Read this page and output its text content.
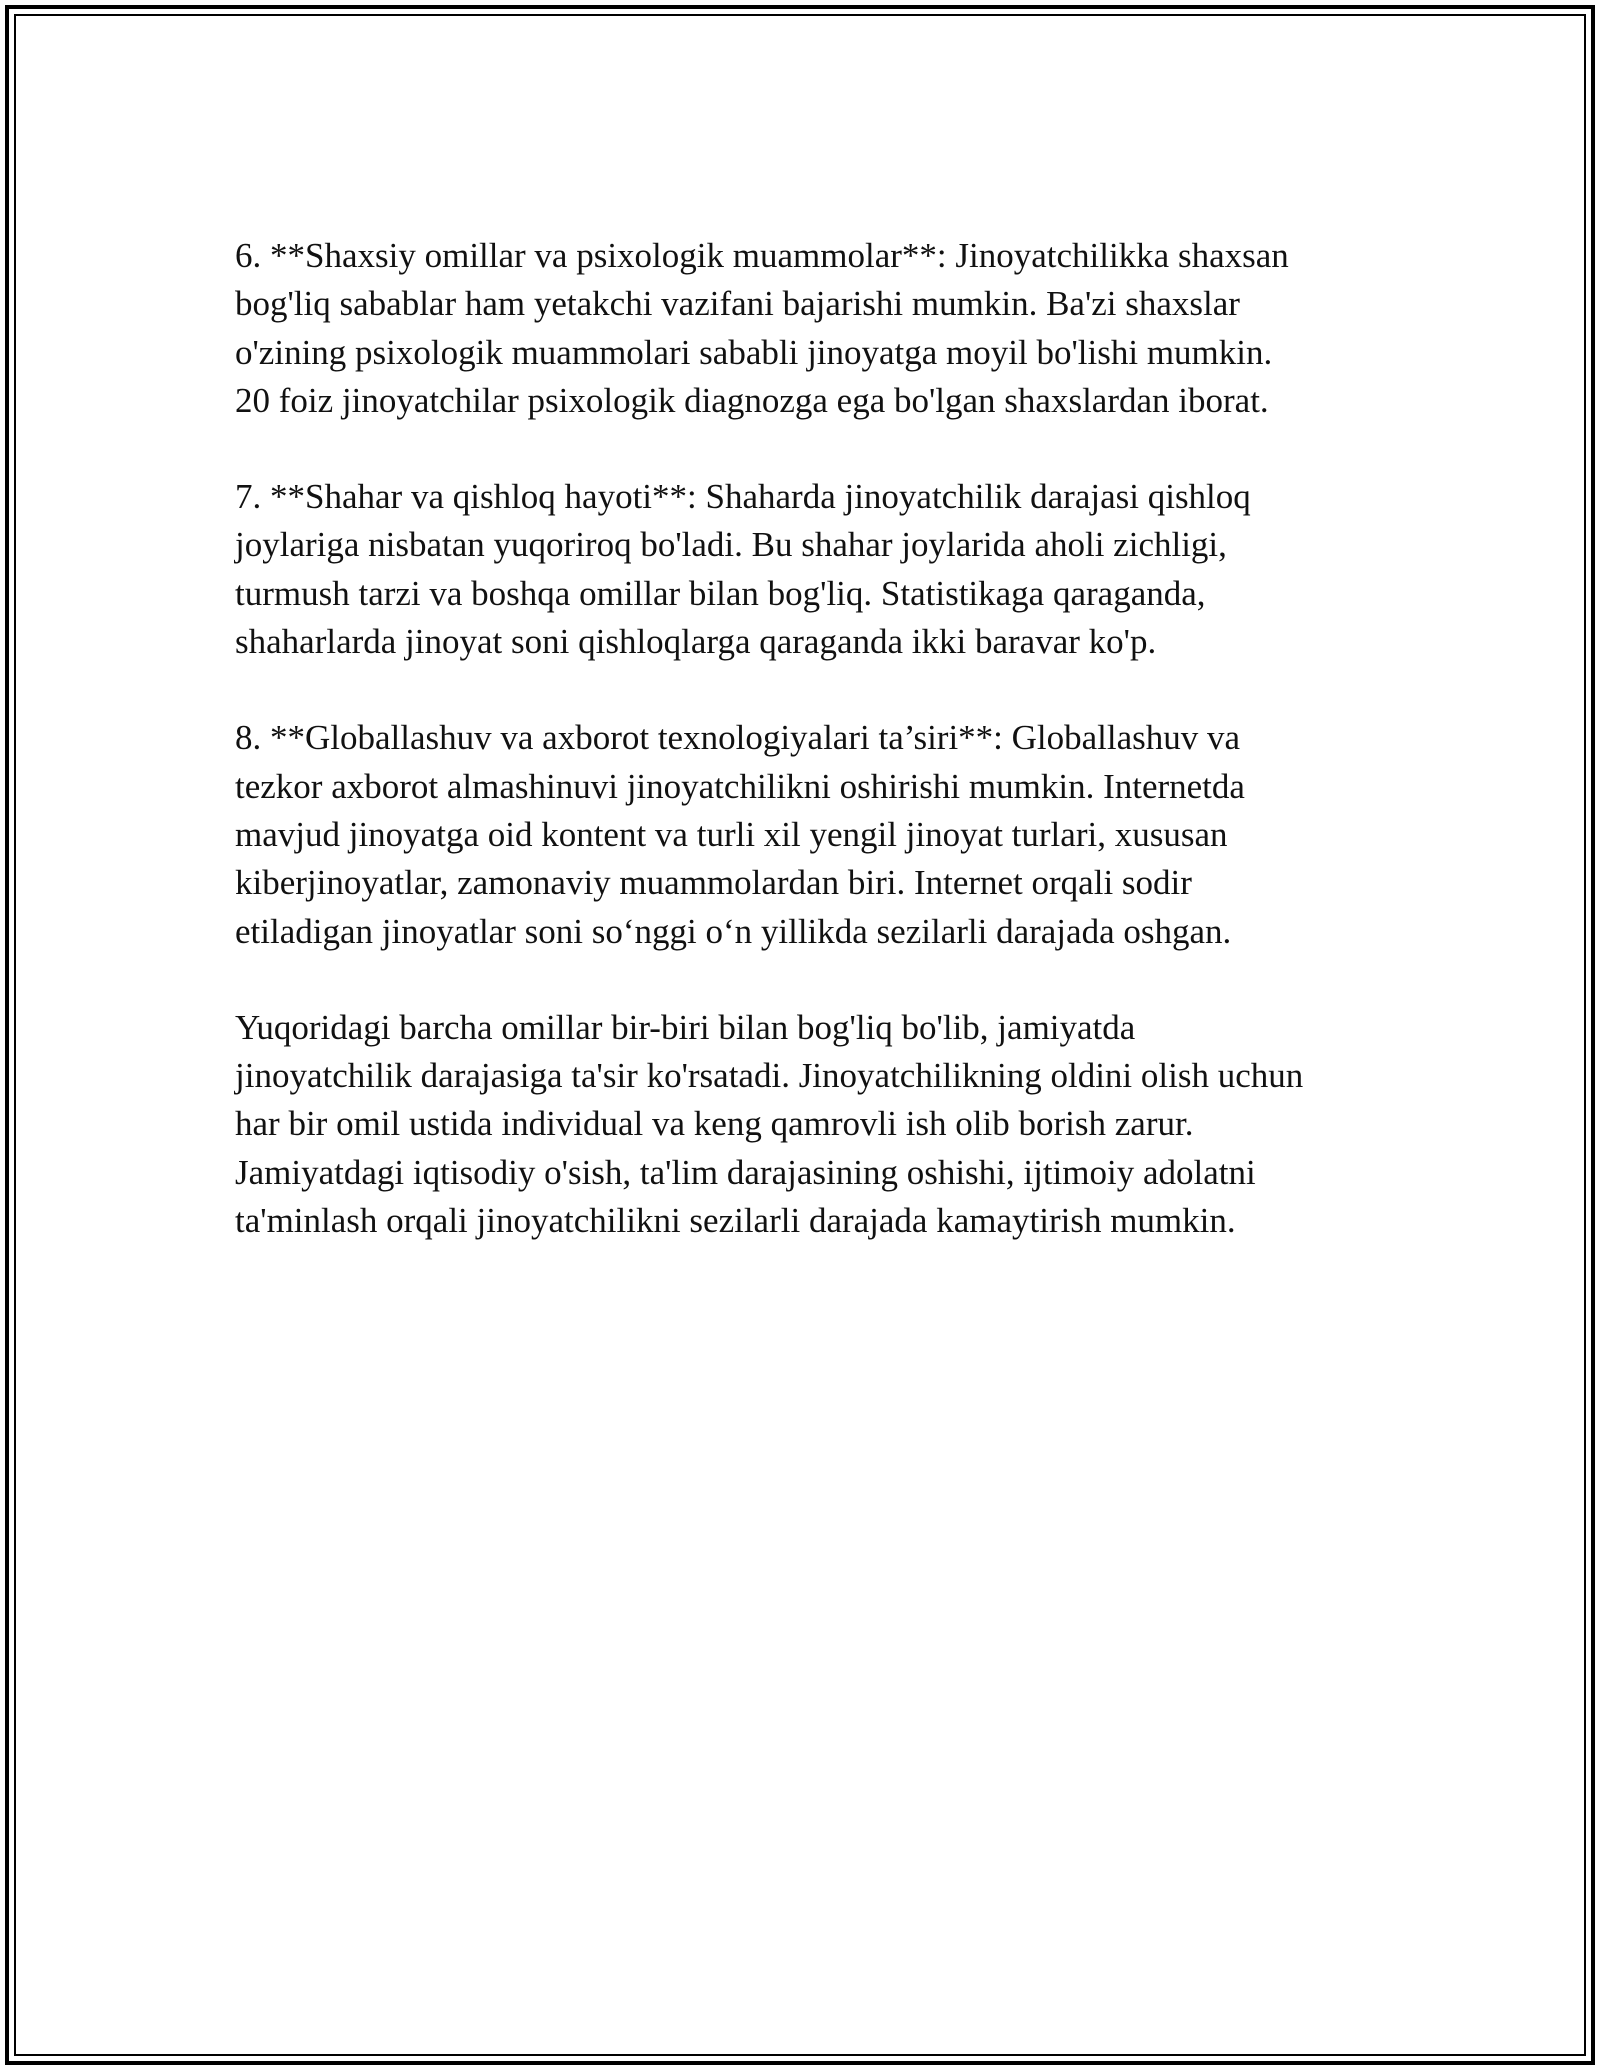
6. **Shaxsiy omillar va psixologik muammolar**: Jinoyatchilikka shaxsan
bog'liq sabablar ham yetakchi vazifani bajarishi mumkin. Ba'zi shaxslar
o'zining psixologik muammolari sababli jinoyatga moyil bo'lishi mumkin.
20 foiz jinoyatchilar psixologik diagnozga ega bo'lgan shaxslardan iborat.

7. **Shahar va qishloq hayoti**: Shaharda jinoyatchilik darajasi qishloq
joylariga nisbatan yuqoriroq bo'ladi. Bu shahar joylarida aholi zichligi,
turmush tarzi va boshqa omillar bilan bog'liq. Statistikaga qaraganda,
shaharlarda jinoyat soni qishloqlarga qaraganda ikki baravar ko'p.

8. **Globallashuv va axborot texnologiyalari ta’siri**: Globallashuv va
tezkor axborot almashinuvi jinoyatchilikni oshirishi mumkin. Internetda
mavjud jinoyatga oid kontent va turli xil yengil jinoyat turlari, xususan
kiberjinoyatlar, zamonaviy muammolardan biri. Internet orqali sodir
etiladigan jinoyatlar soni so‘nggi o‘n yillikda sezilarli darajada oshgan.

Yuqoridagi barcha omillar bir-biri bilan bog'liq bo'lib, jamiyatda
jinoyatchilik darajasiga ta'sir ko'rsatadi. Jinoyatchilikning oldini olish uchun
har bir omil ustida individual va keng qamrovli ish olib borish zarur.
Jamiyatdagi iqtisodiy o'sish, ta'lim darajasining oshishi, ijtimoiy adolatni
ta'minlash orqali jinoyatchilikni sezilarli darajada kamaytirish mumkin.
